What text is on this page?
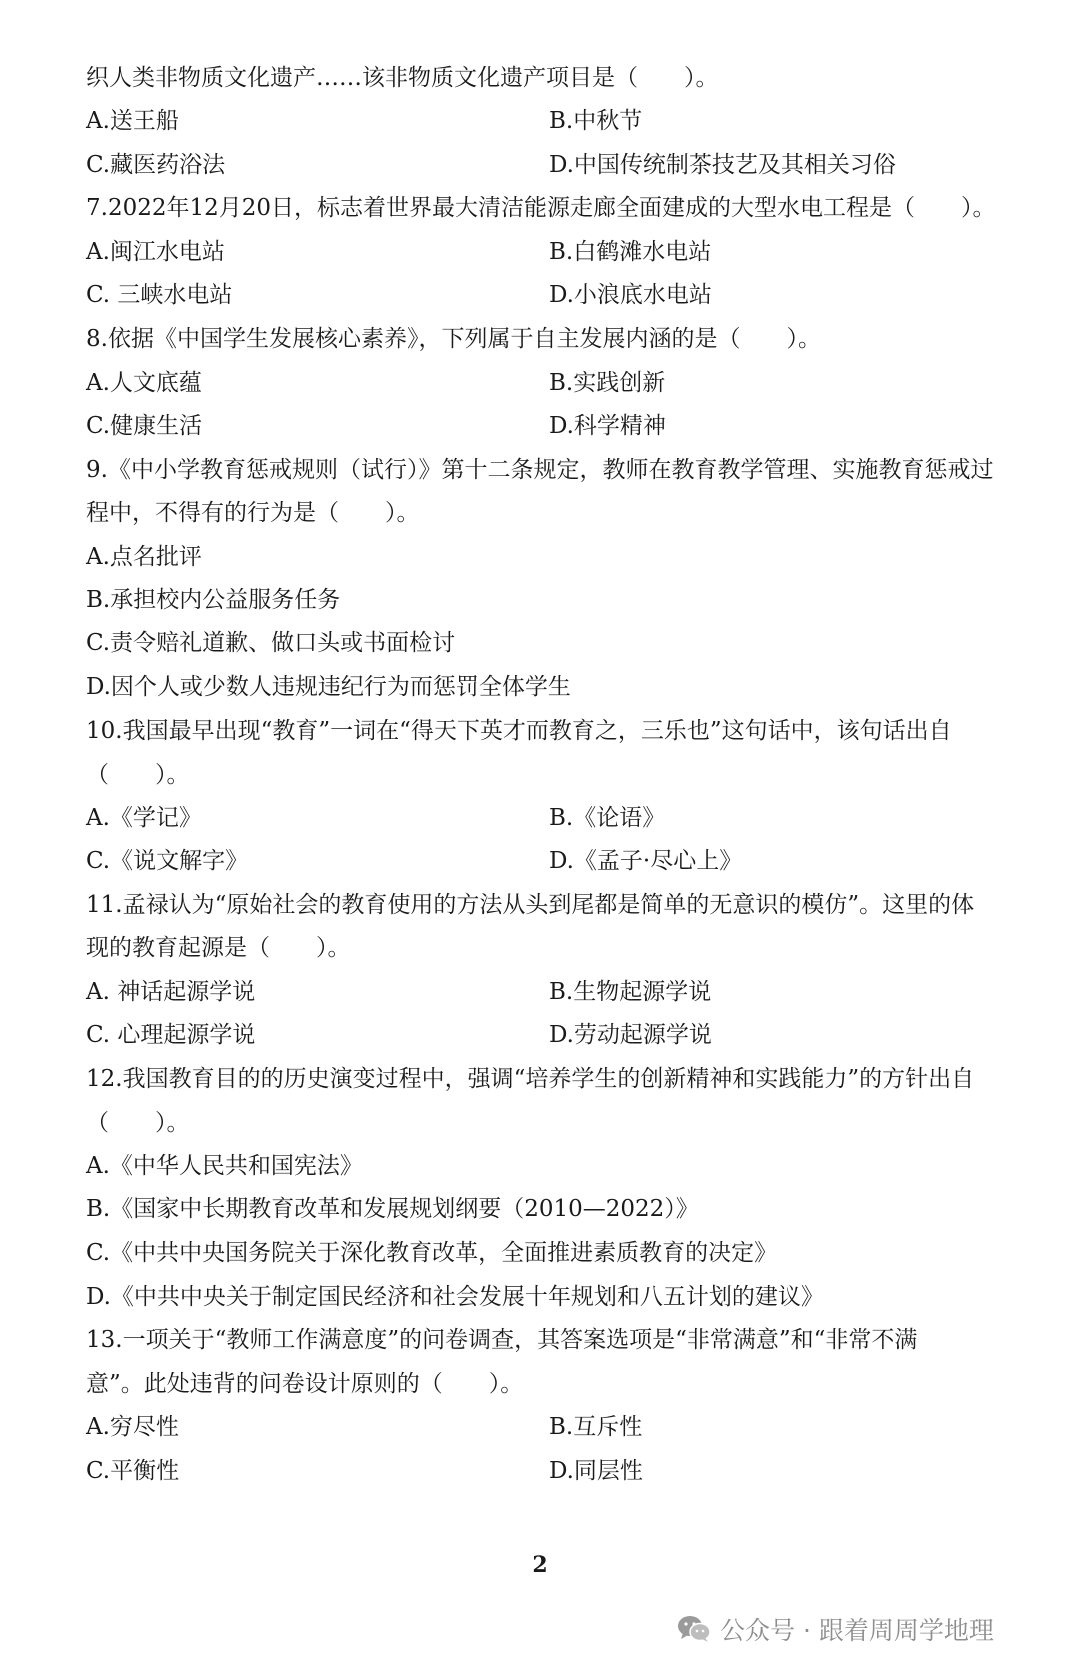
织人类非物质文化遗产……该非物质文化遗产项目是（　　）。
A.送王船	B.中秋节
C.藏医药浴法	D.中国传统制茶技艺及其相关习俗
7.2022年12月20日，标志着世界最大清洁能源走廊全面建成的大型水电工程是（　　）。
A.闽江水电站	B.白鹤滩水电站
C. 三峡水电站	D.小浪底水电站
8.依据《中国学生发展核心素养》，下列属于自主发展内涵的是（　　）。
A.人文底蕴	B.实践创新
C.健康生活	D.科学精神
9.《中小学教育惩戒规则（试行）》第十二条规定，教师在教育教学管理、实施教育惩戒过
程中，不得有的行为是（　　）。
A.点名批评
B.承担校内公益服务任务
C.责令赔礼道歉、做口头或书面检讨
D.因个人或少数人违规违纪行为而惩罚全体学生
10.我国最早出现“教育”一词在“得天下英才而教育之，三乐也”这句话中，该句话出自
（　　）。
A.《学记》	B.《论语》
C.《说文解字》	D.《孟子·尽心上》
11.孟禄认为“原始社会的教育使用的方法从头到尾都是简单的无意识的模仿”。这里的体
现的教育起源是（　　）。
A. 神话起源学说	B.生物起源学说
C. 心理起源学说	D.劳动起源学说
12.我国教育目的的历史演变过程中，强调“培养学生的创新精神和实践能力”的方针出自
（　　）。
A.《中华人民共和国宪法》
B.《国家中长期教育改革和发展规划纲要（2010—2022）》
C.《中共中央国务院关于深化教育改革，全面推进素质教育的决定》
D.《中共中央关于制定国民经济和社会发展十年规划和八五计划的建议》
13.一项关于“教师工作满意度”的问卷调查，其答案选项是“非常满意”和“非常不满
意”。此处违背的问卷设计原则的（　　）。
A.穷尽性	B.互斥性
C.平衡性	D.同层性
2
公众号 · 跟着周周学地理
